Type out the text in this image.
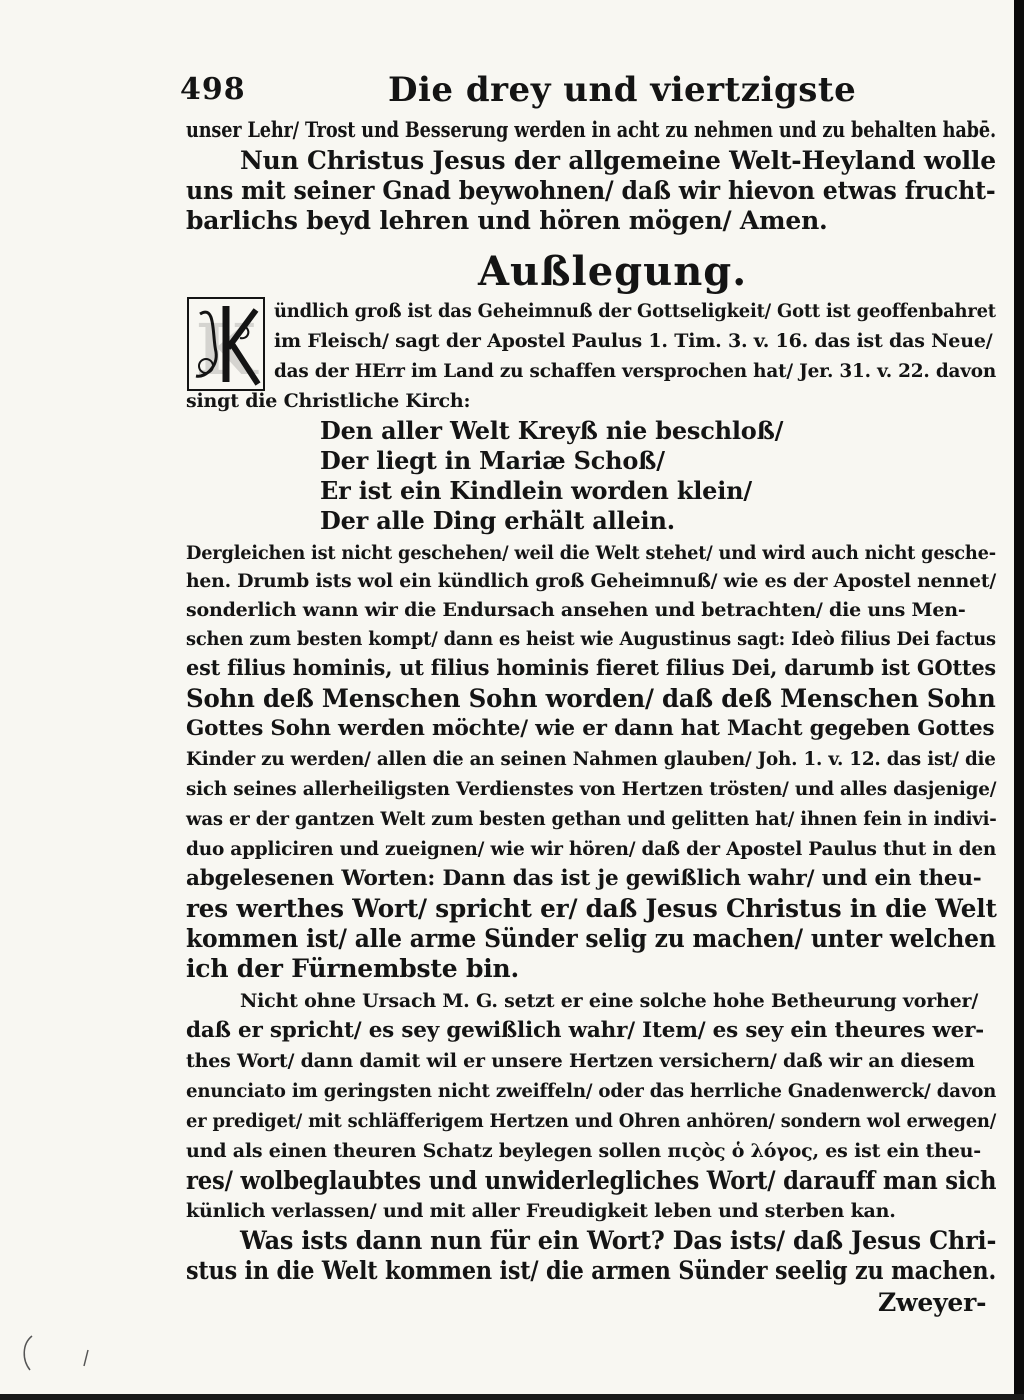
498	Die drey und viertzigste
unser Lehr/ Trost und Besserung werden in acht zu nehmen und zu behalten habē.
Nun Christus Jesus der allgemeine Welt-Heyland wolle
uns mit seiner Gnad beywohnen/ daß wir hievon etwas frucht-
barlichs beyd lehren und hören mögen/ Amen.
Außlegung.
K ündlich groß ist das Geheimnuß der Gottseligkeit/ Gott ist geoffenbahret
im Fleisch/ sagt der Apostel Paulus 1. Tim. 3. v. 16. das ist das Neue/
das der HErr im Land zu schaffen versprochen hat/ Jer. 31. v. 22. davon
singt die Christliche Kirch:
Den aller Welt Kreyß nie beschloß/
Der liegt in Mariæ Schoß/
Er ist ein Kindlein worden klein/
Der alle Ding erhält allein.
Dergleichen ist nicht geschehen/ weil die Welt stehet/ und wird auch nicht gesche-
hen. Drumb ists wol ein kündlich groß Geheimnuß/ wie es der Apostel nennet/
sonderlich wann wir die Endursach ansehen und betrachten/ die uns Men-
schen zum besten kompt/ dann es heist wie Augustinus sagt: Ideò filius Dei factus
est filius hominis, ut filius hominis fieret filius Dei, darumb ist GOttes
Sohn deß Menschen Sohn worden/ daß deß Menschen Sohn
Gottes Sohn werden möchte/ wie er dann hat Macht gegeben Gottes
Kinder zu werden/ allen die an seinen Nahmen glauben/ Joh. 1. v. 12. das ist/ die
sich seines allerheiligsten Verdienstes von Hertzen trösten/ und alles dasjenige/
was er der gantzen Welt zum besten gethan und gelitten hat/ ihnen fein in indivi-
duo appliciren und zueignen/ wie wir hören/ daß der Apostel Paulus thut in den
abgelesenen Worten: Dann das ist je gewißlich wahr/ und ein theu-
res werthes Wort/ spricht er/ daß Jesus Christus in die Welt
kommen ist/ alle arme Sünder selig zu machen/ unter welchen
ich der Fürnembste bin.
Nicht ohne Ursach M. G. setzt er eine solche hohe Betheurung vorher/
daß er spricht/ es sey gewißlich wahr/ Item/ es sey ein theures wer-
thes Wort/ dann damit wil er unsere Hertzen versichern/ daß wir an diesem
enunciato im geringsten nicht zweiffeln/ oder das herrliche Gnadenwerck/ davon
er prediget/ mit schläfferigem Hertzen und Ohren anhören/ sondern wol erwegen/
und als einen theuren Schatz beylegen sollen πιςὸς ὁ λόγος, es ist ein theu-
res/ wolbeglaubtes und unwiderlegliches Wort/ darauff man sich
künlich verlassen/ und mit aller Freudigkeit leben und sterben kan.
Was ists dann nun für ein Wort? Das ists/ daß Jesus Chri-
stus in die Welt kommen ist/ die armen Sünder seelig zu machen.
Zweyer-
